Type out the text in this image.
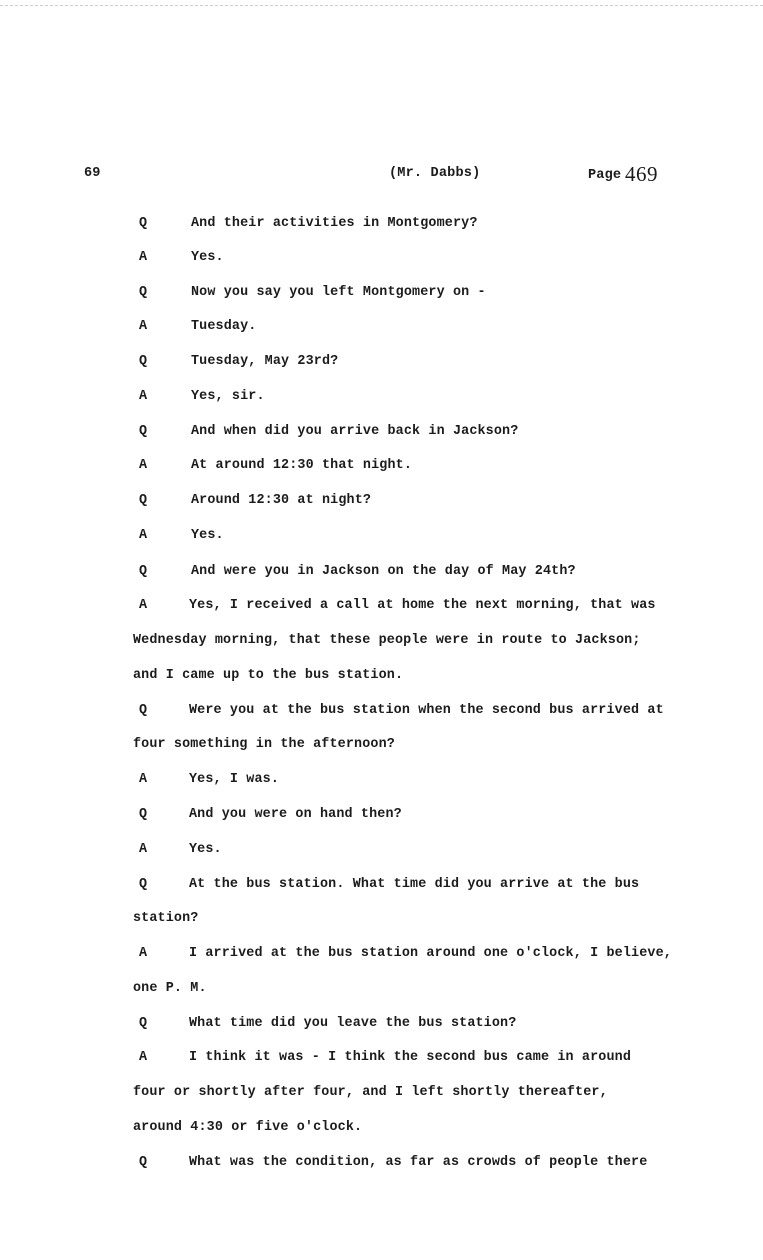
69	(Mr. Dabbs)	Page 469
Q	And their activities in Montgomery?
A	Yes.
Q	Now you say you left Montgomery on -
A	Tuesday.
Q	Tuesday, May 23rd?
A	Yes, sir.
Q	And when did you arrive back in Jackson?
A	At around 12:30 that night.
Q	Around 12:30 at night?
A	Yes.
Q	And were you in Jackson on the day of May 24th?
A	Yes, I received a call at home the next morning, that was
Wednesday morning, that these people were in route to Jackson;
and I came up to the bus station.
Q	Were you at the bus station when the second bus arrived at
four something in the afternoon?
A	Yes, I was.
Q	And you were on hand then?
A	Yes.
Q	At the bus station. What time did you arrive at the bus
station?
A	I arrived at the bus station around one o'clock, I believe,
one P. M.
Q	What time did you leave the bus station?
A	I think it was - I think the second bus came in around
four or shortly after four, and I left shortly thereafter,
around 4:30 or five o'clock.
Q	What was the condition, as far as crowds of people there
